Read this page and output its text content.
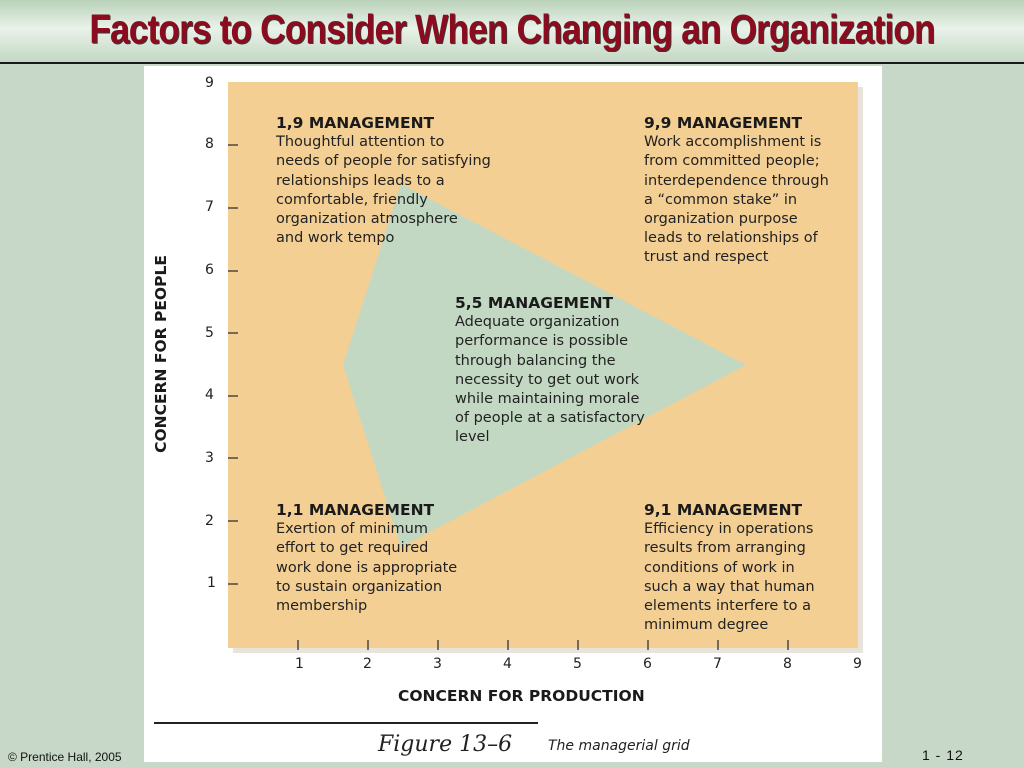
Factors to Consider When Changing an Organization
9
8
7
6
5
4
3
2
1
1	2	3	4	5	6	7	8	9
1,9 MANAGEMENT
Thoughtful attention to
needs of people for satisfying
relationships leads to a
comfortable, friendly
organization atmosphere
and work tempo
9,9 MANAGEMENT
Work accomplishment is
from committed people;
interdependence through
a “common stake” in
organization purpose
leads to relationships of
trust and respect
5,5 MANAGEMENT
Adequate organization
performance is possible
through balancing the
necessity to get out work
while maintaining morale
of people at a satisfactory
level
1,1 MANAGEMENT
Exertion of minimum
effort to get required
work done is appropriate
to sustain organization
membership
9,1 MANAGEMENT
Efficiency in operations
results from arranging
conditions of work in
such a way that human
elements interfere to a
minimum degree
CONCERN FOR PEOPLE
CONCERN FOR PRODUCTION
Figure 13–6	The managerial grid
© Prentice Hall, 2005	1 - 12
